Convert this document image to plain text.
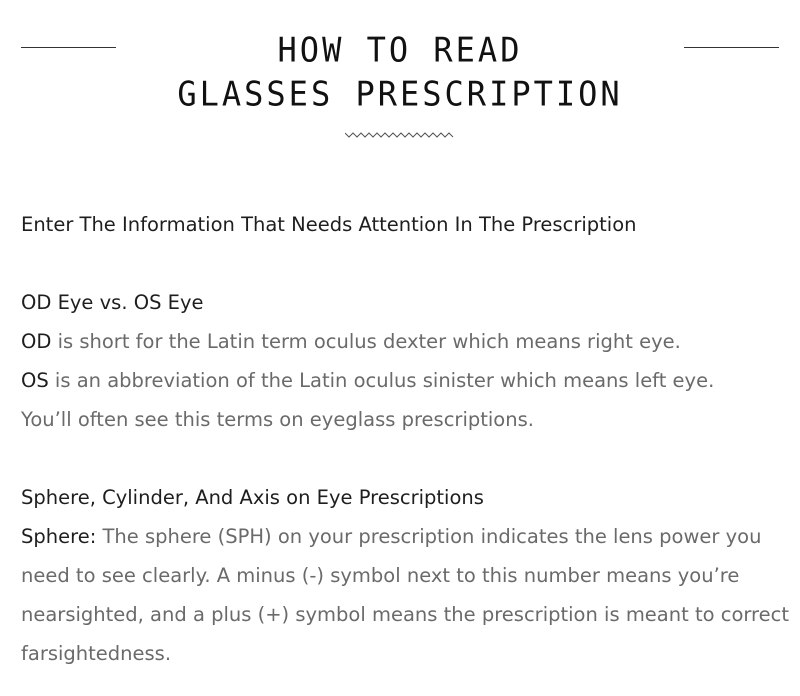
HOW TO READ
GLASSES PRESCRIPTION

Enter The Information That Needs Attention In The Prescription

OD Eye vs. OS Eye

OD is short for the Latin term oculus dexter which means right eye.

OS is an abbreviation of the Latin oculus sinister which means left eye.

You’ll often see this terms on eyeglass prescriptions.

Sphere, Cylinder, And Axis on Eye Prescriptions

Sphere: The sphere (SPH) on your prescription indicates the lens power you

need to see clearly. A minus (-) symbol next to this number means you’re

nearsighted, and a plus (+) symbol means the prescription is meant to correct

farsightedness.
